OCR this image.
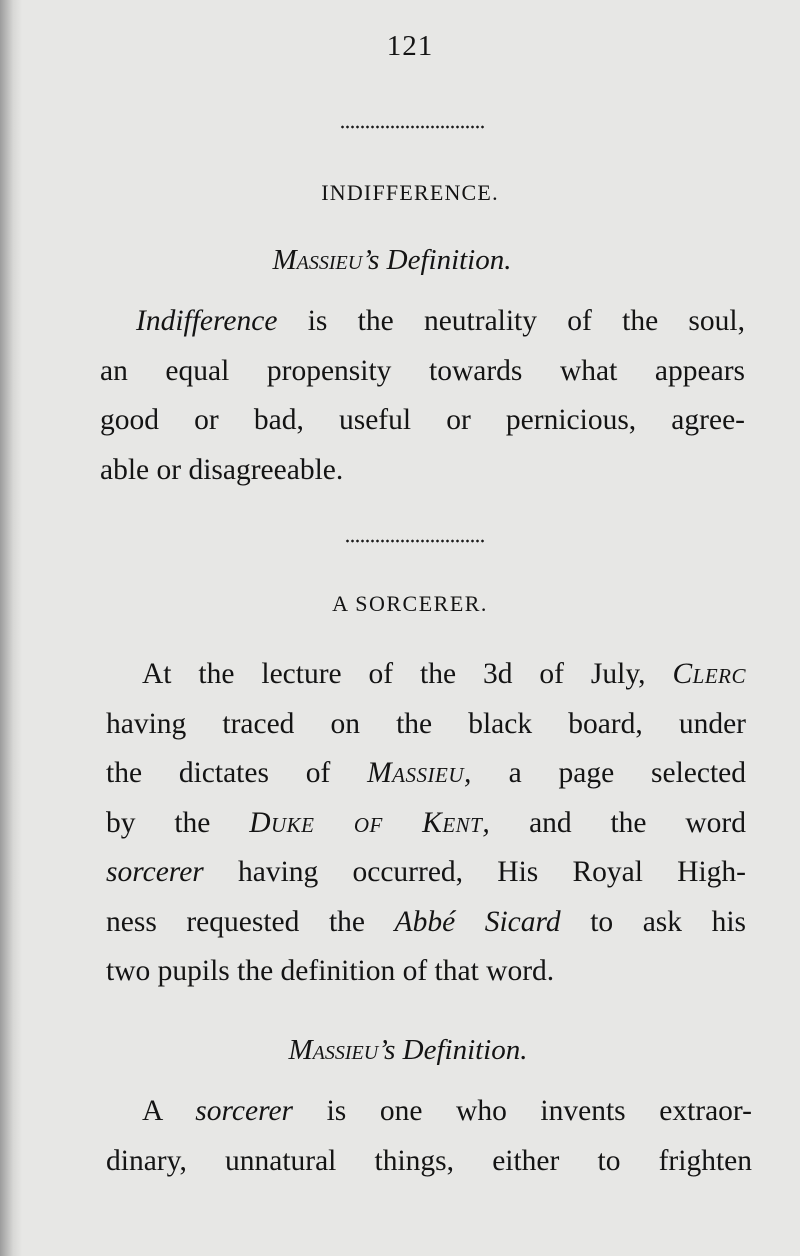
121
INDIFFERENCE.
Massieu’s Definition.
Indifference is the neutrality of the soul,
an equal propensity towards what appears
good or bad, useful or pernicious, agree-
able or disagreeable.
A SORCERER.
At the lecture of the 3d of July, Clerc
having traced on the black board, under
the dictates of Massieu, a page selected
by the Duke of Kent, and the word
sorcerer having occurred, His Royal High-
ness requested the Abbé Sicard to ask his
two pupils the definition of that word.
Massieu’s Definition.
A sorcerer is one who invents extraor-
dinary, unnatural things, either to frighten
